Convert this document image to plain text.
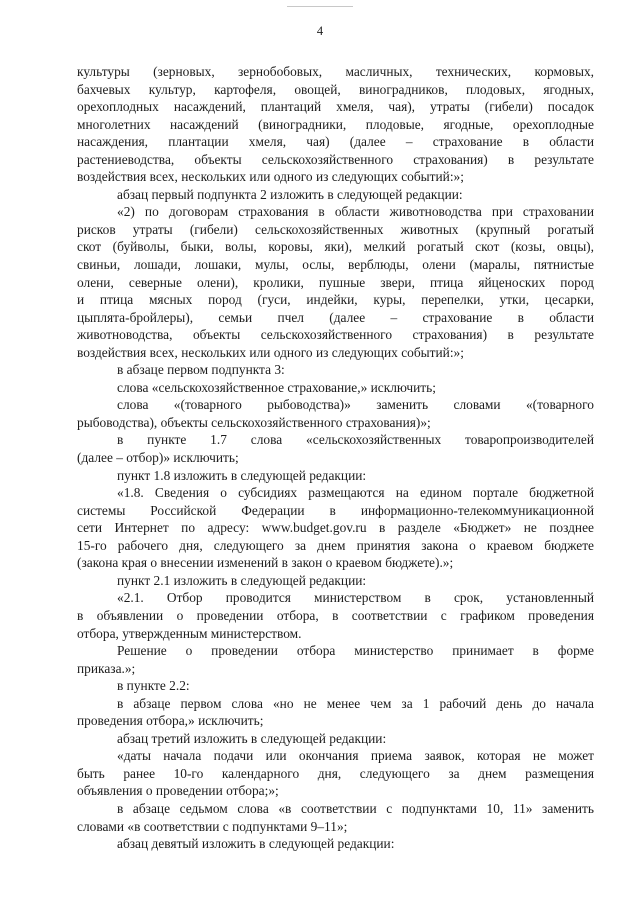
4
культуры (зерновых, зернобобовых, масличных, технических, кормовых,
бахчевых культур, картофеля, овощей, виноградников, плодовых, ягодных,
орехоплодных насаждений, плантаций хмеля, чая), утраты (гибели) посадок
многолетних насаждений (виноградники, плодовые, ягодные, орехоплодные
насаждения, плантации хмеля, чая) (далее – страхование в области
растениеводства, объекты сельскохозяйственного страхования) в результате
воздействия всех, нескольких или одного из следующих событий:»;
абзац первый подпункта 2 изложить в следующей редакции:
«2) по договорам страхования в области животноводства при страховании
рисков утраты (гибели) сельскохозяйственных животных (крупный рогатый
скот (буйволы, быки, волы, коровы, яки), мелкий рогатый скот (козы, овцы),
свиньи, лошади, лошаки, мулы, ослы, верблюды, олени (маралы, пятнистые
олени, северные олени), кролики, пушные звери, птица яйценоских пород
и птица мясных пород (гуси, индейки, куры, перепелки, утки, цесарки,
цыплята-бройлеры), семьи пчел (далее – страхование в области
животноводства, объекты сельскохозяйственного страхования) в результате
воздействия всех, нескольких или одного из следующих событий:»;
в абзаце первом подпункта 3:
слова «сельскохозяйственное страхование,» исключить;
слова «(товарного рыбоводства)» заменить словами «(товарного
рыбоводства), объекты сельскохозяйственного страхования)»;
в пункте 1.7 слова «сельскохозяйственных товаропроизводителей
(далее – отбор)» исключить;
пункт 1.8 изложить в следующей редакции:
«1.8. Сведения о субсидиях размещаются на едином портале бюджетной
системы Российской Федерации в информационно-телекоммуникационной
сети Интернет по адресу: www.budget.gov.ru в разделе «Бюджет» не позднее
15-го рабочего дня, следующего за днем принятия закона о краевом бюджете
(закона края о внесении изменений в закон о краевом бюджете).»;
пункт 2.1 изложить в следующей редакции:
«2.1. Отбор проводится министерством в срок, установленный
в объявлении о проведении отбора, в соответствии с графиком проведения
отбора, утвержденным министерством.
Решение о проведении отбора министерство принимает в форме
приказа.»;
в пункте 2.2:
в абзаце первом слова «но не менее чем за 1 рабочий день до начала
проведения отбора,» исключить;
абзац третий изложить в следующей редакции:
«даты начала подачи или окончания приема заявок, которая не может
быть ранее 10-го календарного дня, следующего за днем размещения
объявления о проведении отбора;»;
в абзаце седьмом слова «в соответствии с подпунктами 10, 11» заменить
словами «в соответствии с подпунктами 9–11»;
абзац девятый изложить в следующей редакции:
